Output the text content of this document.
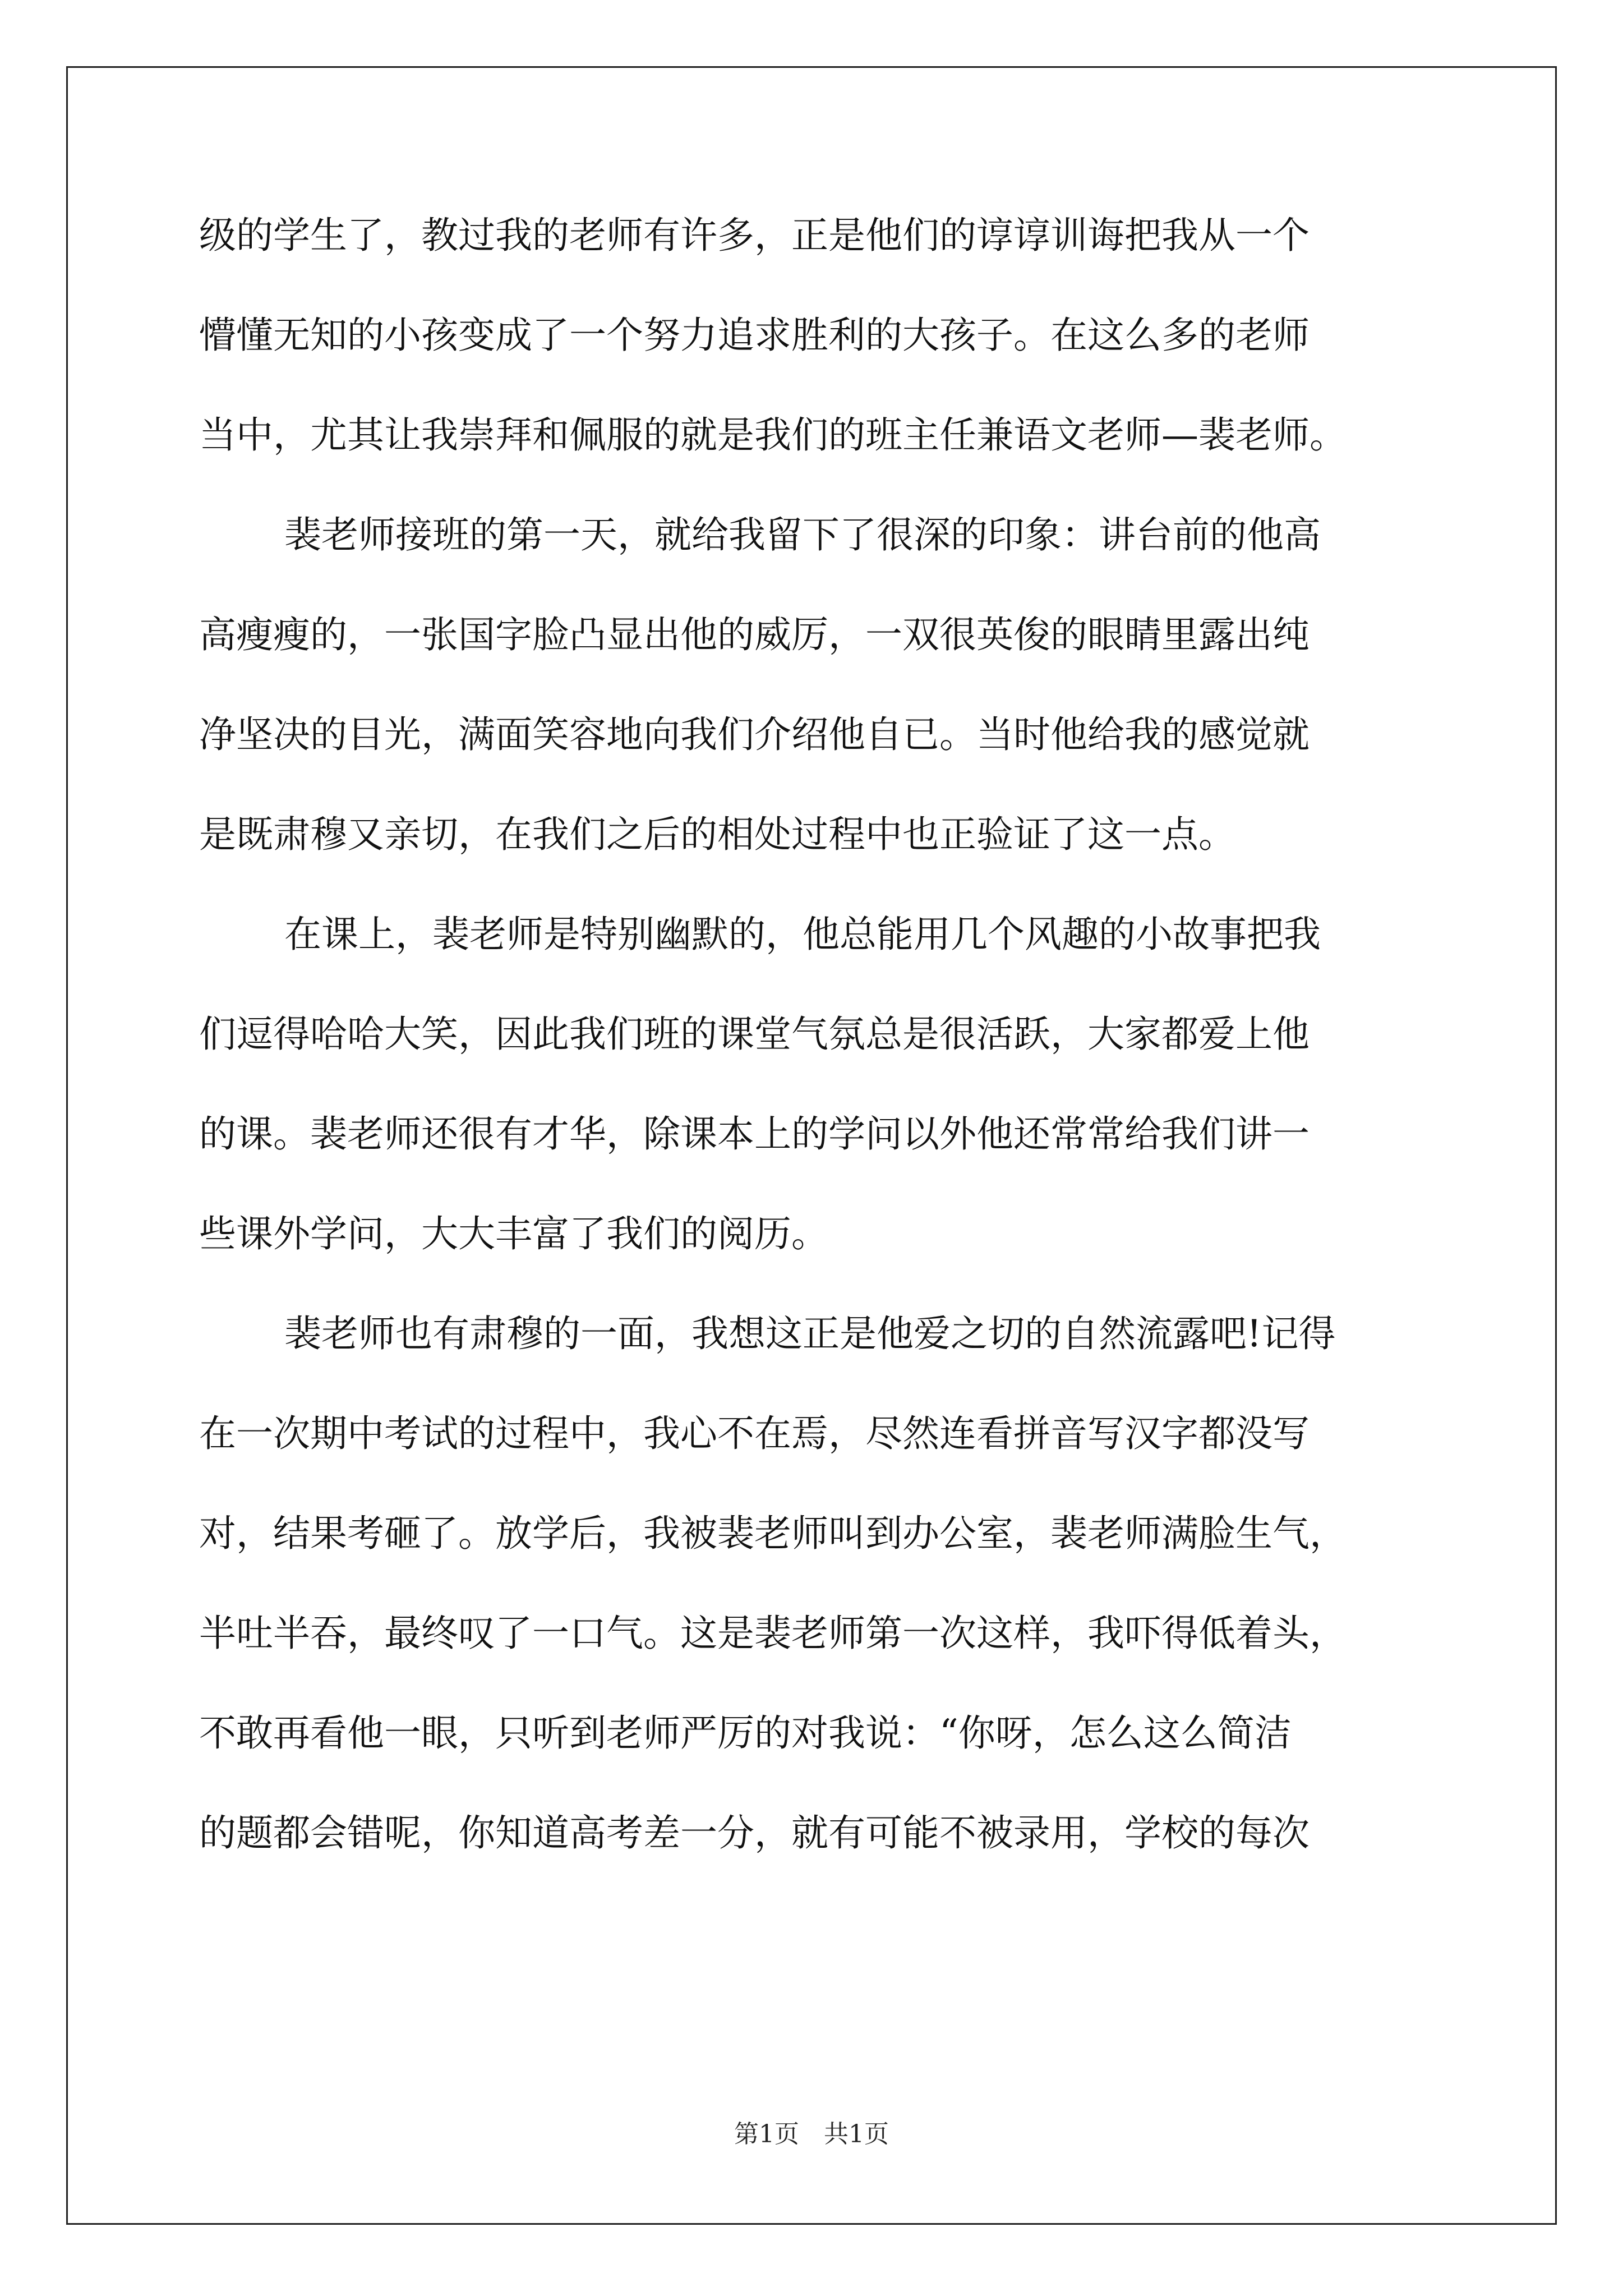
级的学生了，教过我的老师有许多，正是他们的谆谆训诲把我从一个
懵懂无知的小孩变成了一个努力追求胜利的大孩子。在这么多的老师
当中，尤其让我崇拜和佩服的就是我们的班主任兼语文老师—裴老师。
裴老师接班的第一天，就给我留下了很深的印象：讲台前的他高
高瘦瘦的，一张国字脸凸显出他的威厉，一双很英俊的眼睛里露出纯
净坚决的目光，满面笑容地向我们介绍他自已。当时他给我的感觉就
是既肃穆又亲切，在我们之后的相处过程中也正验证了这一点。
在课上，裴老师是特别幽默的，他总能用几个风趣的小故事把我
们逗得哈哈大笑，因此我们班的课堂气氛总是很活跃，大家都爱上他
的课。裴老师还很有才华，除课本上的学问以外他还常常给我们讲一
些课外学问，大大丰富了我们的阅历。
裴老师也有肃穆的一面，我想这正是他爱之切的自然流露吧!记得
在一次期中考试的过程中，我心不在焉，尽然连看拼音写汉字都没写
对，结果考砸了。放学后，我被裴老师叫到办公室，裴老师满脸生气，
半吐半吞，最终叹了一口气。这是裴老师第一次这样，我吓得低着头，
不敢再看他一眼，只听到老师严厉的对我说：“你呀，怎么这么简洁
的题都会错呢，你知道高考差一分，就有可能不被录用，学校的每次
第1页　共1页
